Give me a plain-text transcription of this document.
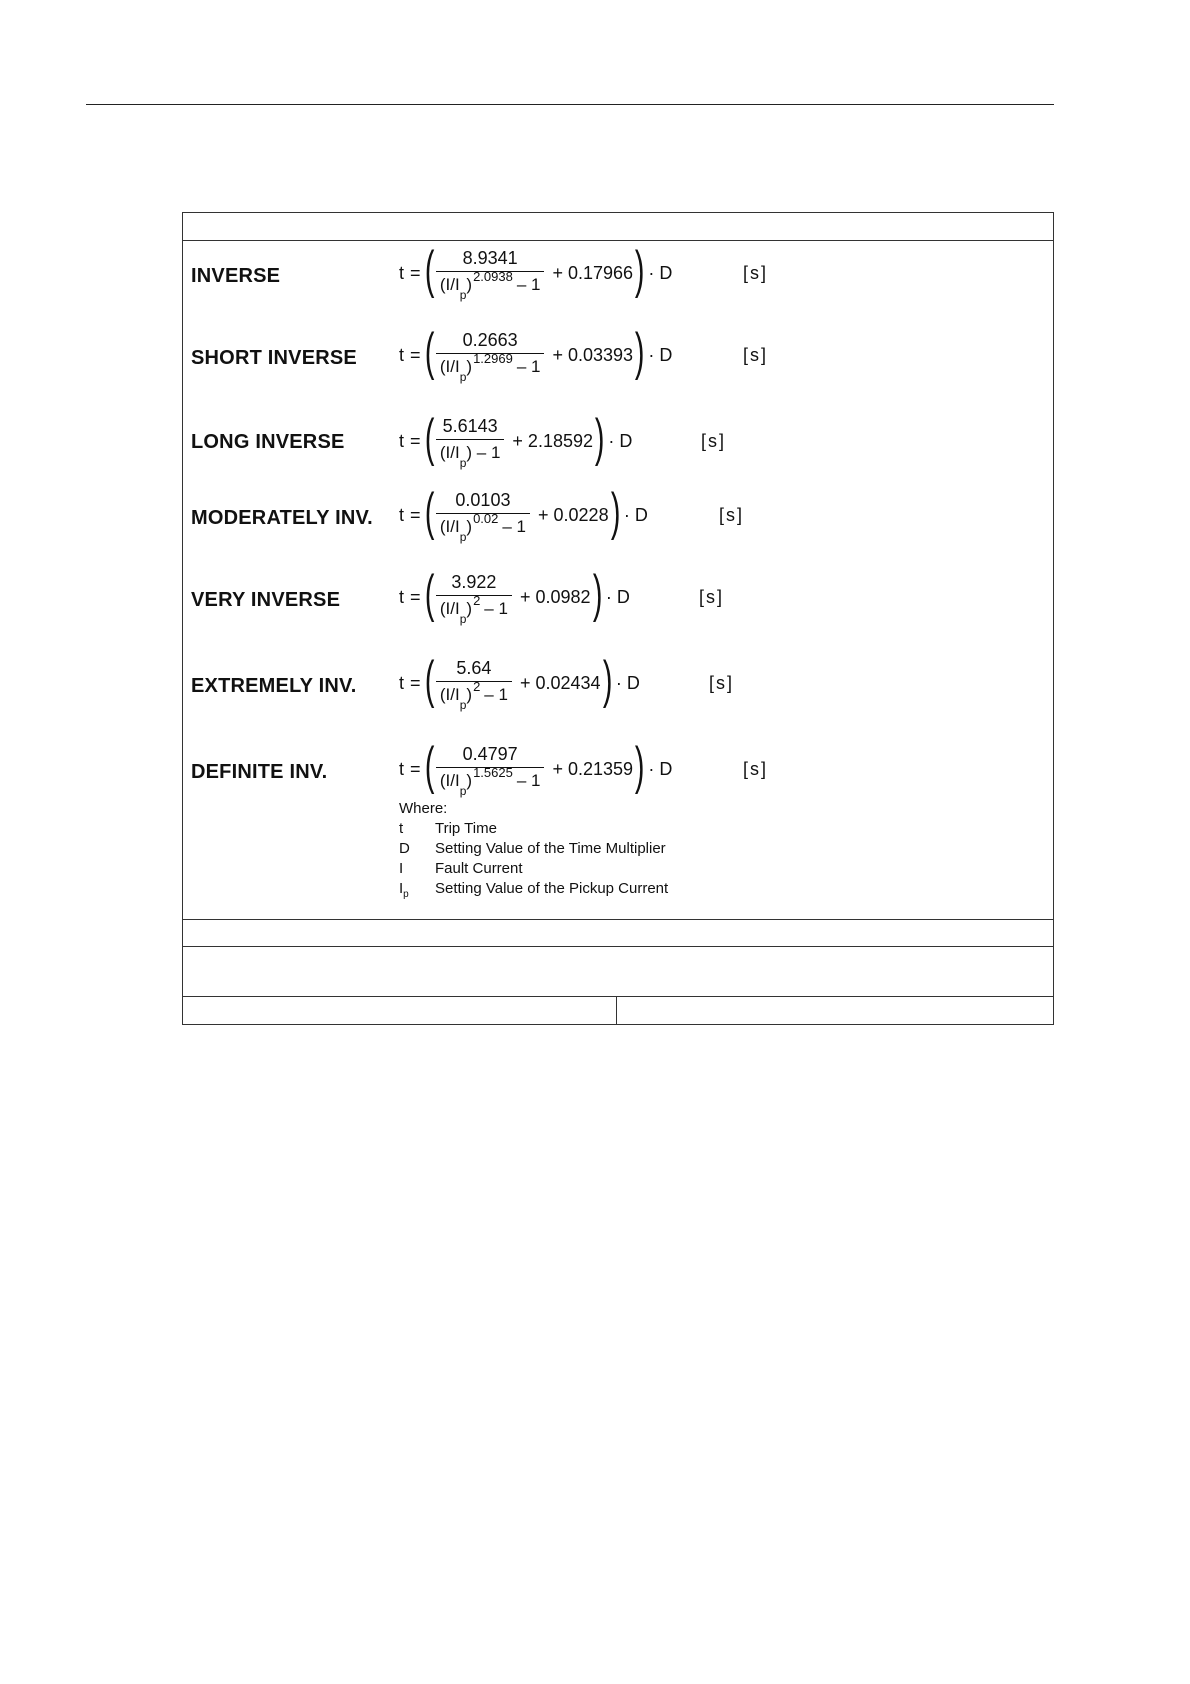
INVERSE	t = ( $\frac{8.9341}{(I/I_p)^{2.0938} - 1} + 0.17966$ ) · D	[s]
SHORT INVERSE t = ( $\frac{0.2663}{(I/I_p)^{1.2969} - 1} + 0.03393$ ) · D	[s]
LONG INVERSE	t = ( $\frac{5.6143}{(I/I_p) - 1} + 2.18592$ ) · D	[s]
MODERATELY INV. t = ( $\frac{0.0103}{(I/I_p)^{0.02} - 1} + 0.0228$ ) · D	[s]
VERY INVERSE	t = ( $\frac{3.922}{(I/I_p)^2 - 1} + 0.0982$ ) · D	[s]
EXTREMELY INV. t = ( $\frac{5.64}{(I/I_p)^2 - 1} + 0.02434$ ) · D	[s]
DEFINITE INV.	t = ( $\frac{0.4797}{(I/I_p)^{1.5625} - 1} + 0.21359$ ) · D	[s]
Where:
t	Trip Time
D	Setting Value of the Time Multiplier
I	Fault Current
$I_p$	Setting Value of the Pickup Current
